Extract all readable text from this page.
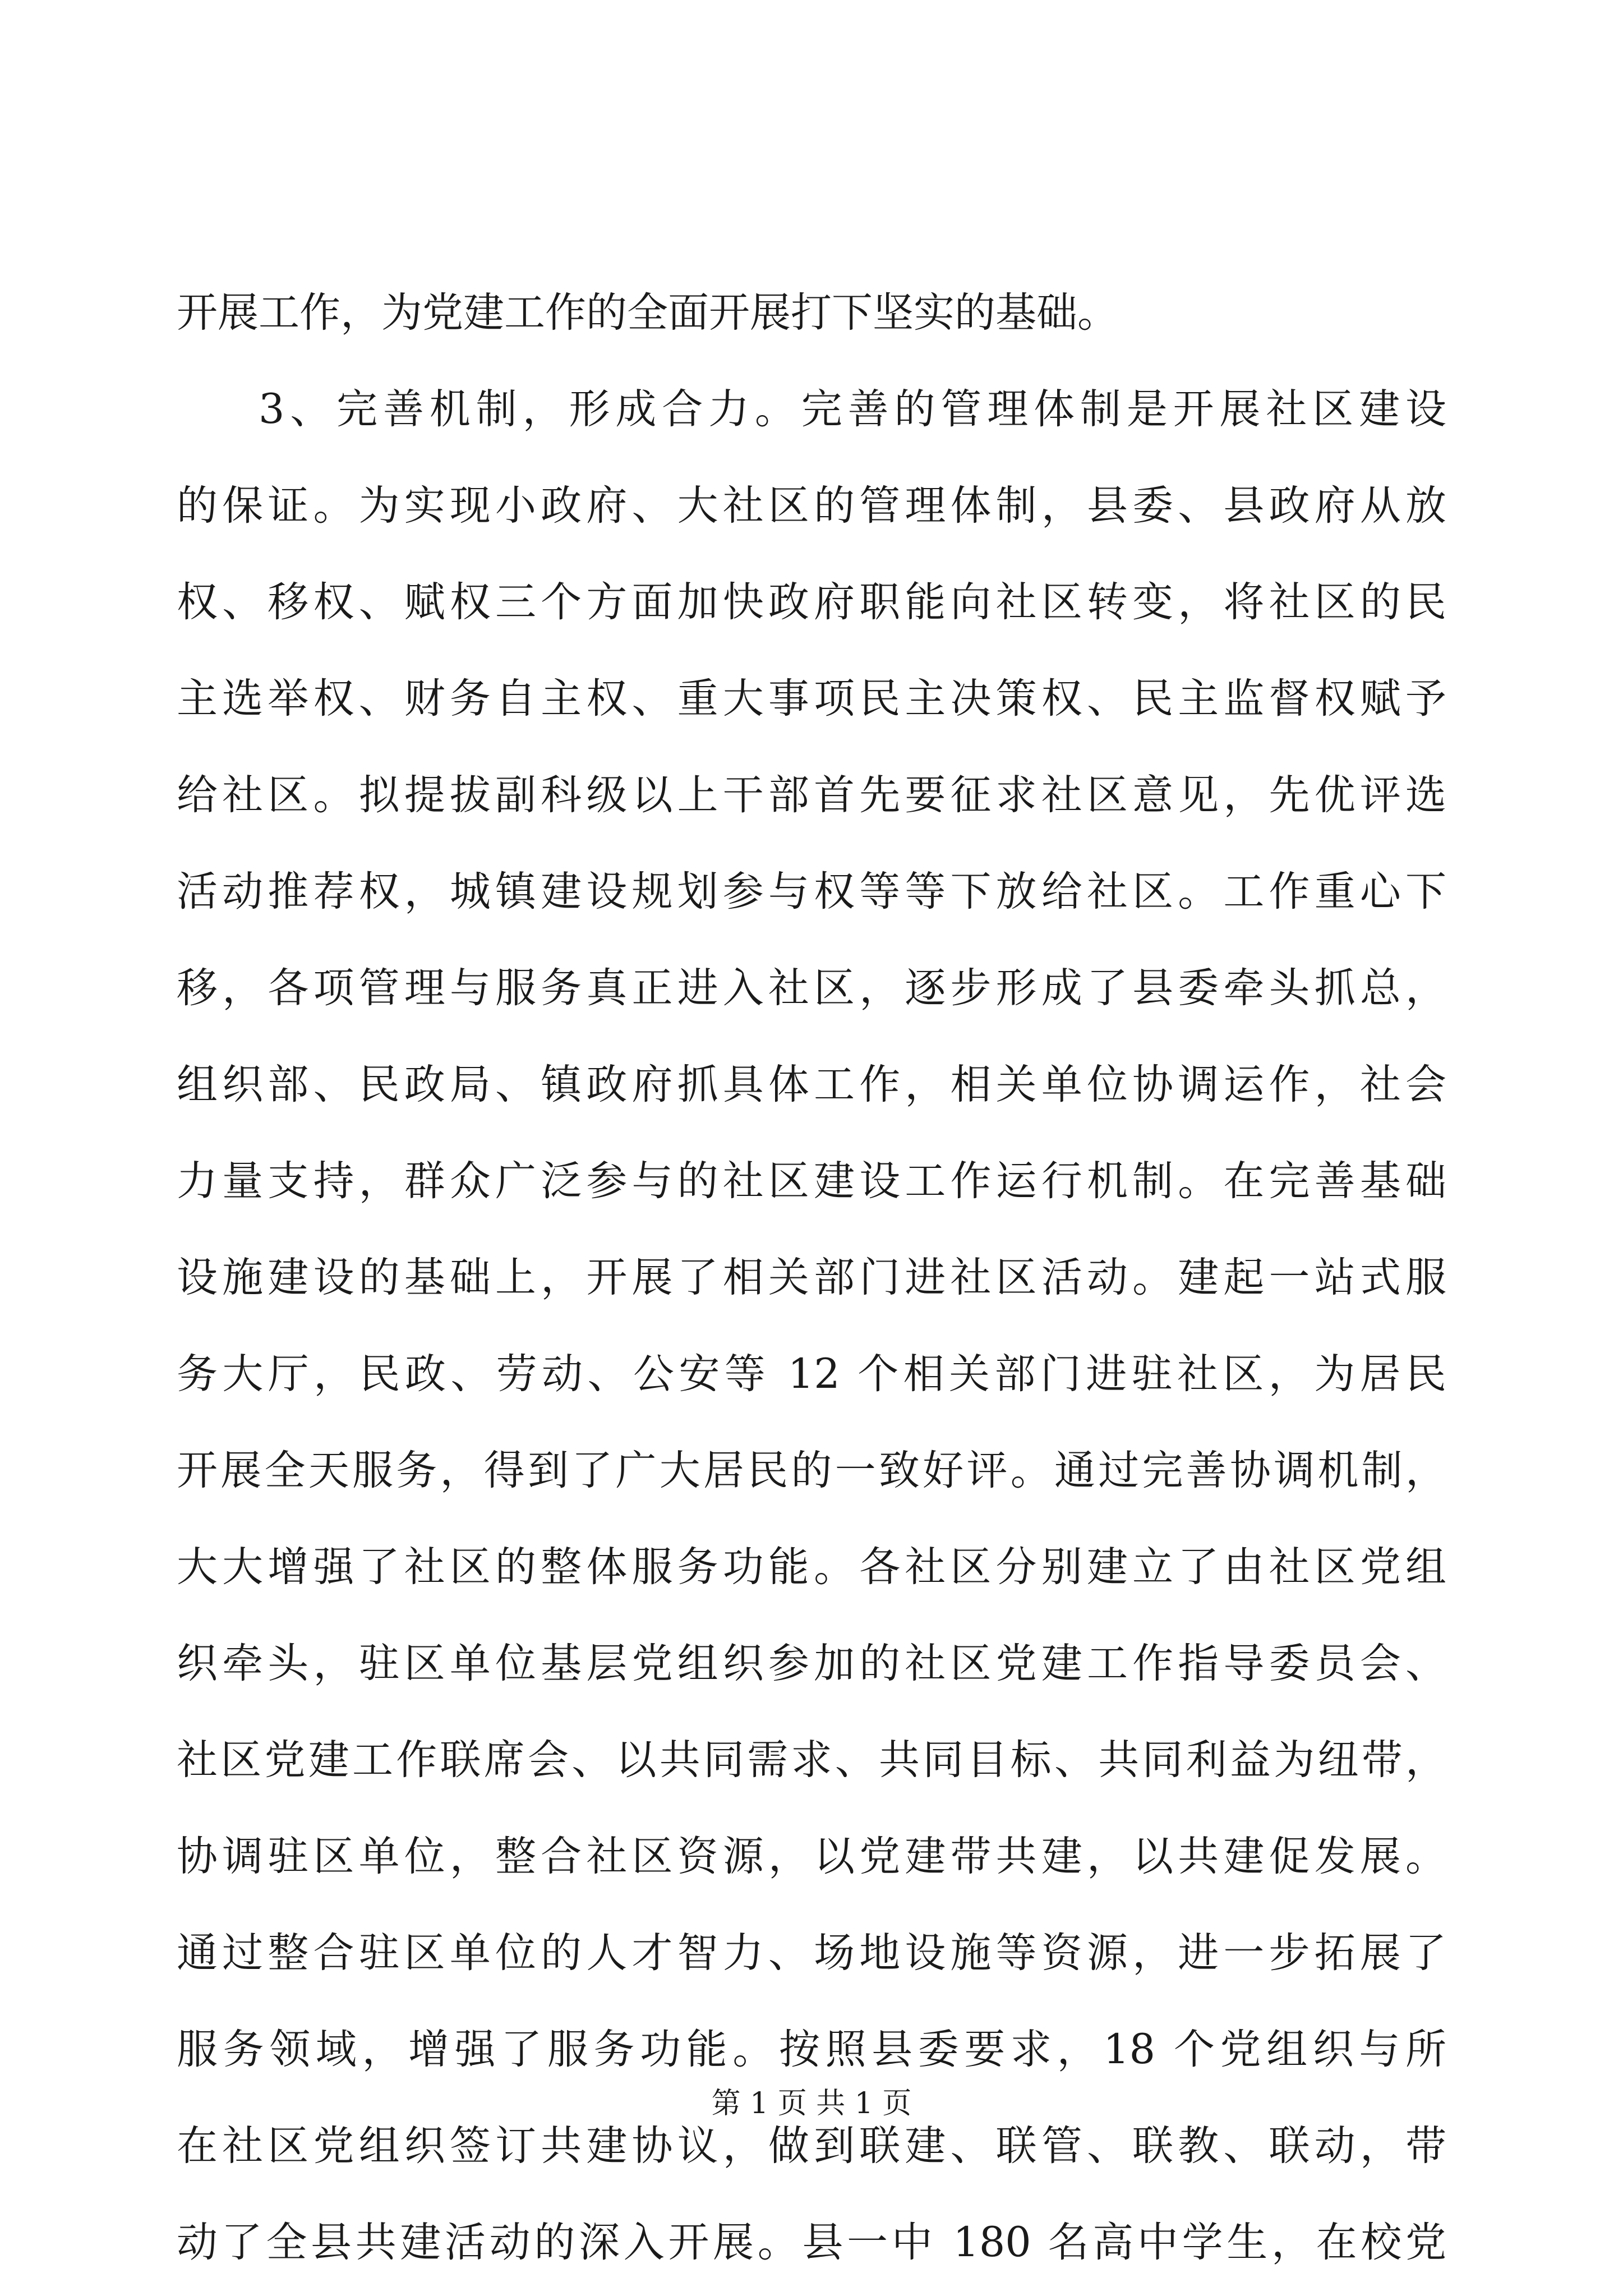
开展工作，为党建工作的全面开展打下坚实的基础。
3、完善机制，形成合力。完善的管理体制是开展社区建设
的保证。为实现小政府、大社区的管理体制，县委、县政府从放
权、移权、赋权三个方面加快政府职能向社区转变，将社区的民
主选举权、财务自主权、重大事项民主决策权、民主监督权赋予
给社区。拟提拔副科级以上干部首先要征求社区意见，先优评选
活动推荐权，城镇建设规划参与权等等下放给社区。工作重心下
移，各项管理与服务真正进入社区，逐步形成了县委牵头抓总，
组织部、民政局、镇政府抓具体工作，相关单位协调运作，社会
力量支持，群众广泛参与的社区建设工作运行机制。在完善基础
设施建设的基础上，开展了相关部门进社区活动。建起一站式服
务大厅，民政、劳动、公安等 12 个相关部门进驻社区，为居民
开展全天服务，得到了广大居民的一致好评。通过完善协调机制，
大大增强了社区的整体服务功能。各社区分别建立了由社区党组
织牵头，驻区单位基层党组织参加的社区党建工作指导委员会、
社区党建工作联席会、以共同需求、共同目标、共同利益为纽带，
协调驻区单位，整合社区资源，以党建带共建，以共建促发展。
通过整合驻区单位的人才智力、场地设施等资源，进一步拓展了
服务领域，增强了服务功能。按照县委要求，18 个党组织与所
在社区党组织签订共建协议，做到联建、联管、联教、联动，带
动了全县共建活动的深入开展。县一中 180 名高中学生，在校党
第 1 页 共 1 页
